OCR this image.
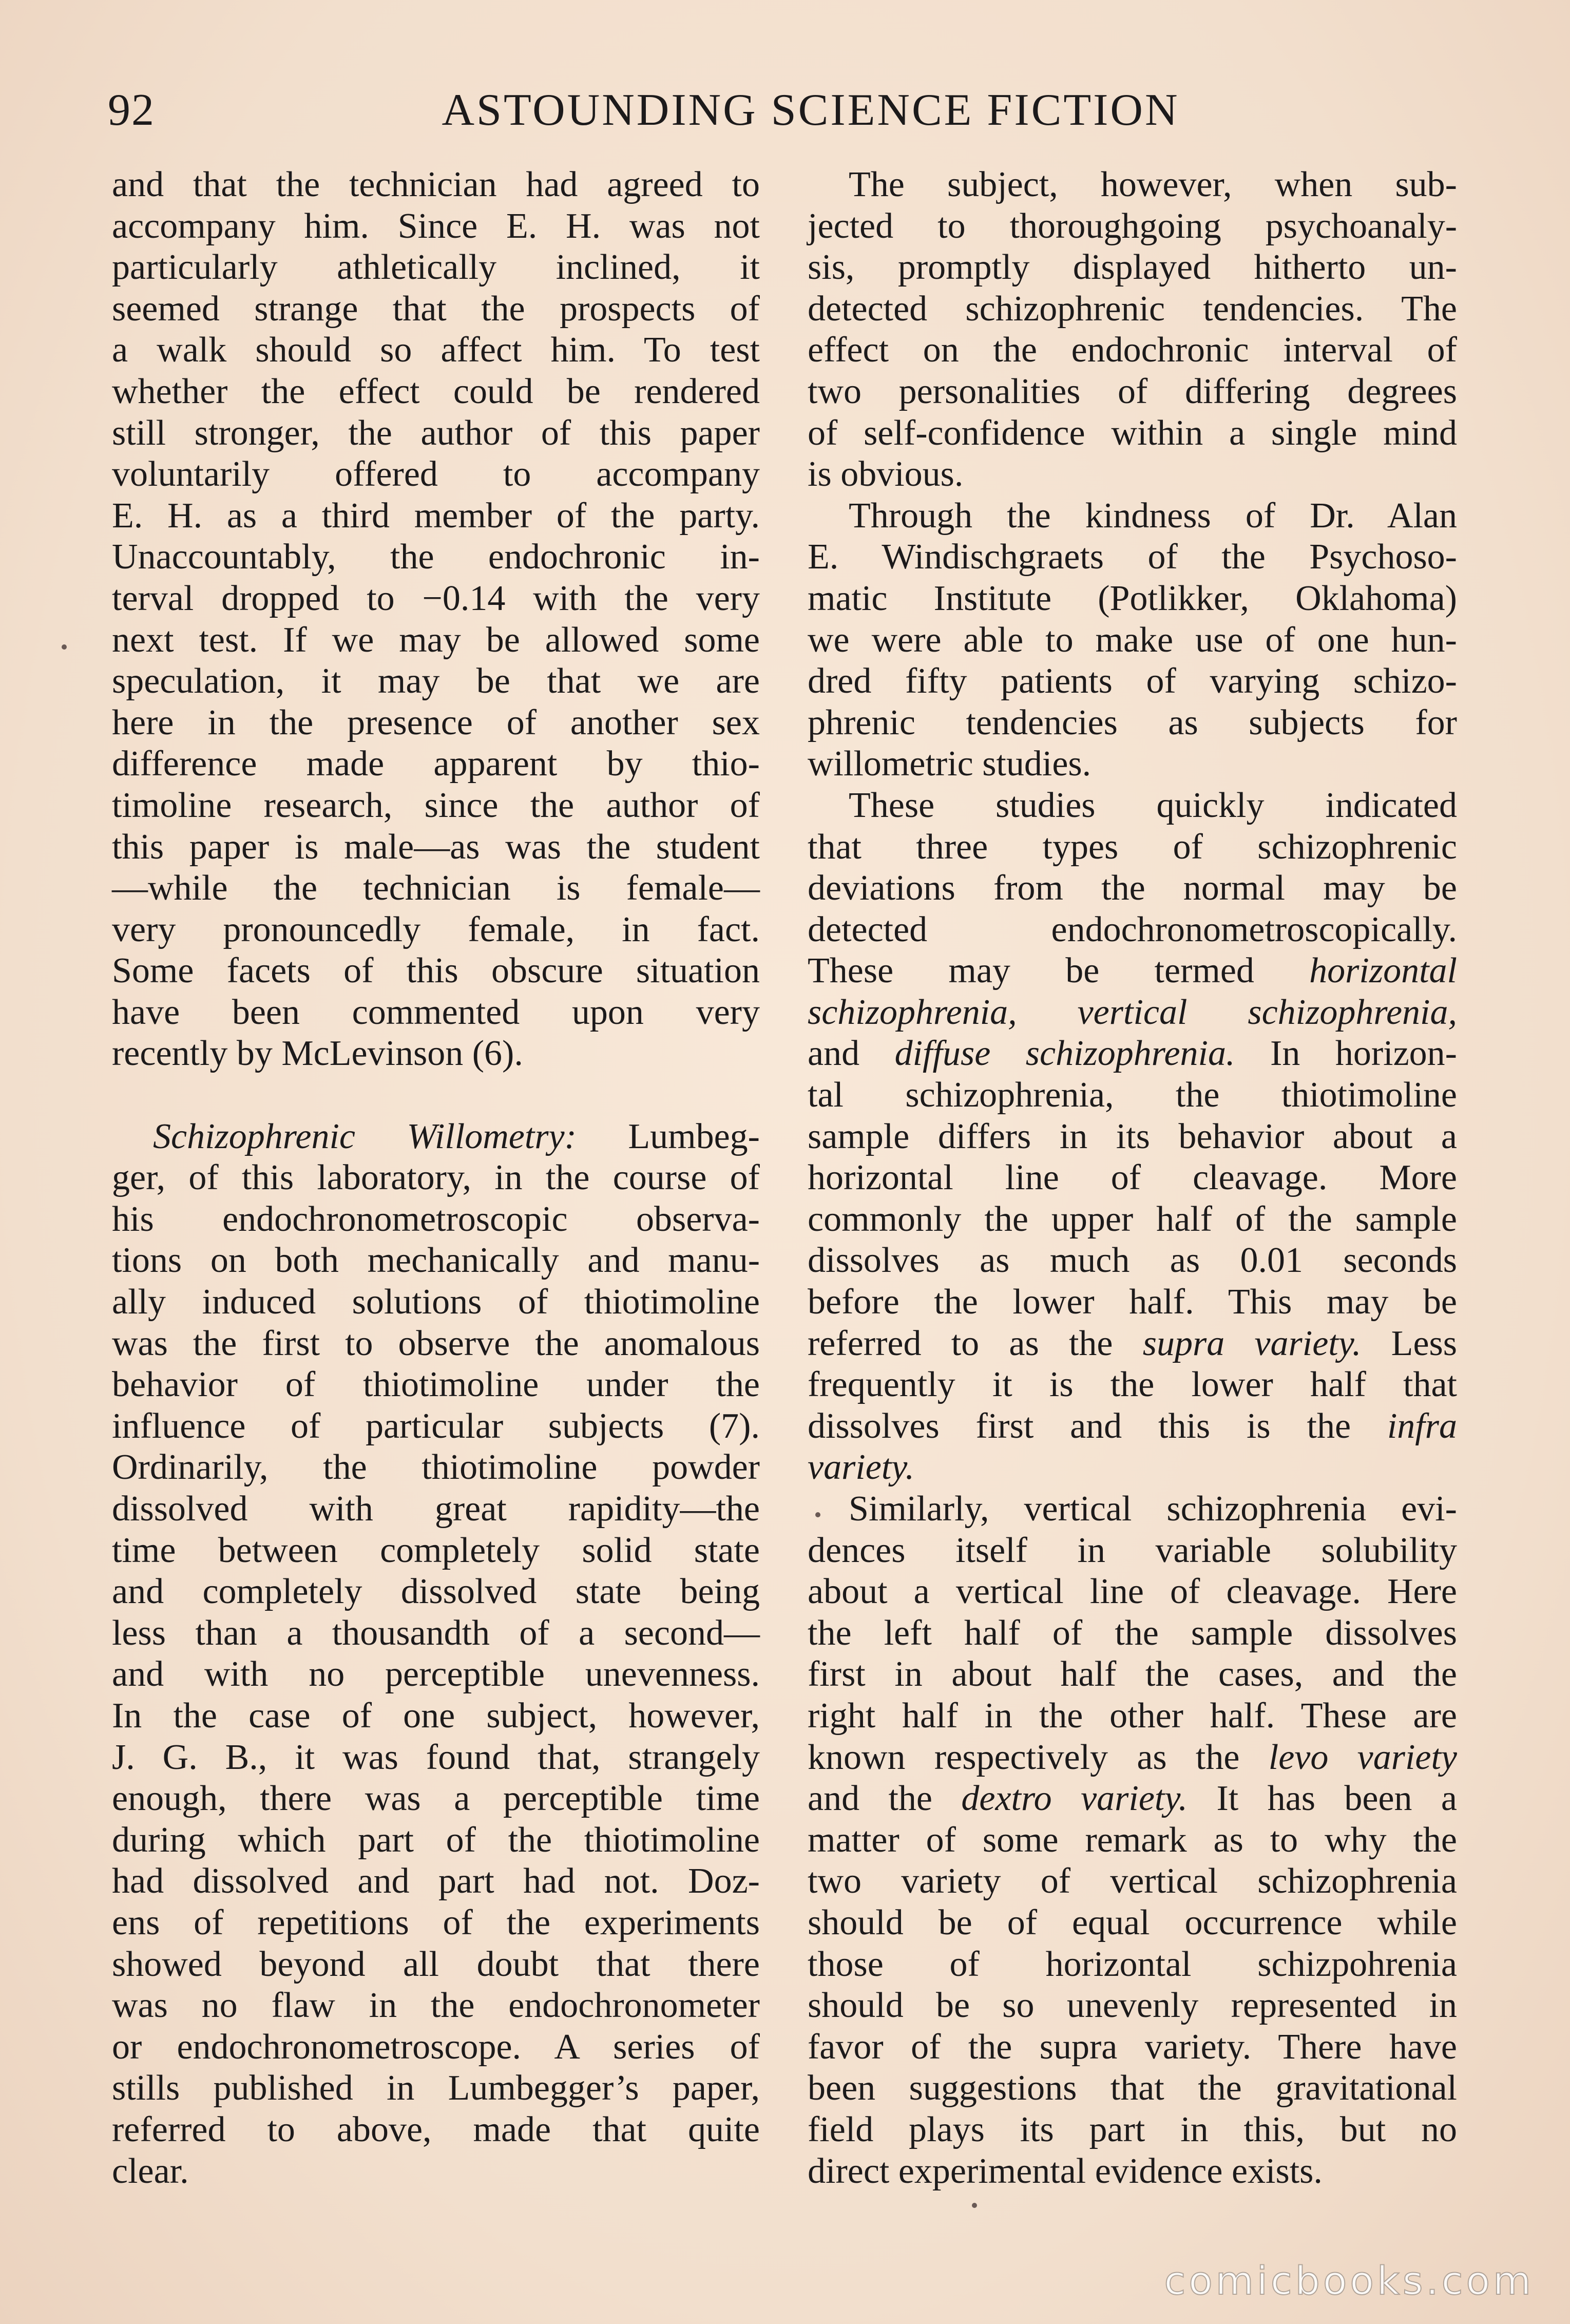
92	ASTOUNDING SCIENCE FICTION
and that the technician had agreed to
accompany him. Since E. H. was not
particularly athletically inclined, it
seemed strange that the prospects of
a walk should so affect him. To test
whether the effect could be rendered
still stronger, the author of this paper
voluntarily offered to accompany
E. H. as a third member of the party.
Unaccountably, the endochronic in-
terval dropped to −0.14 with the very
next test. If we may be allowed some
speculation, it may be that we are
here in the presence of another sex
difference made apparent by thio-
timoline research, since the author of
this paper is male—as was the student
—while the technician is female—
very pronouncedly female, in fact.
Some facets of this obscure situation
have been commented upon very
recently by McLevinson (6).
Schizophrenic Willometry: Lumbeg-
ger, of this laboratory, in the course of
his endochronometroscopic observa-
tions on both mechanically and manu-
ally induced solutions of thiotimoline
was the first to observe the anomalous
behavior of thiotimoline under the
influence of particular subjects (7).
Ordinarily, the thiotimoline powder
dissolved with great rapidity—the
time between completely solid state
and completely dissolved state being
less than a thousandth of a second—
and with no perceptible unevenness.
In the case of one subject, however,
J. G. B., it was found that, strangely
enough, there was a perceptible time
during which part of the thiotimoline
had dissolved and part had not. Doz-
ens of repetitions of the experiments
showed beyond all doubt that there
was no flaw in the endochronometer
or endochronometroscope. A series of
stills published in Lumbegger’s paper,
referred to above, made that quite
clear.
The subject, however, when sub-
jected to thoroughgoing psychoanaly-
sis, promptly displayed hitherto un-
detected schizophrenic tendencies. The
effect on the endochronic interval of
two personalities of differing degrees
of self-confidence within a single mind
is obvious.
Through the kindness of Dr. Alan
E. Windischgraets of the Psychoso-
matic Institute (Potlikker, Oklahoma)
we were able to make use of one hun-
dred fifty patients of varying schizo-
phrenic tendencies as subjects for
willometric studies.
These studies quickly indicated
that three types of schizophrenic
deviations from the normal may be
detected endochronometroscopically.
These may be termed horizontal
schizophrenia, vertical schizophrenia,
and diffuse schizophrenia. In horizon-
tal schizophrenia, the thiotimoline
sample differs in its behavior about a
horizontal line of cleavage. More
commonly the upper half of the sample
dissolves as much as 0.01 seconds
before the lower half. This may be
referred to as the supra variety. Less
frequently it is the lower half that
dissolves first and this is the infra
variety.
Similarly, vertical schizophrenia evi-
dences itself in variable solubility
about a vertical line of cleavage. Here
the left half of the sample dissolves
first in about half the cases, and the
right half in the other half. These are
known respectively as the levo variety
and the dextro variety. It has been a
matter of some remark as to why the
two variety of vertical schizophrenia
should be of equal occurrence while
those of horizontal schizpohrenia
should be so unevenly represented in
favor of the supra variety. There have
been suggestions that the gravitational
field plays its part in this, but no
direct experimental evidence exists.
comicbooks.com
